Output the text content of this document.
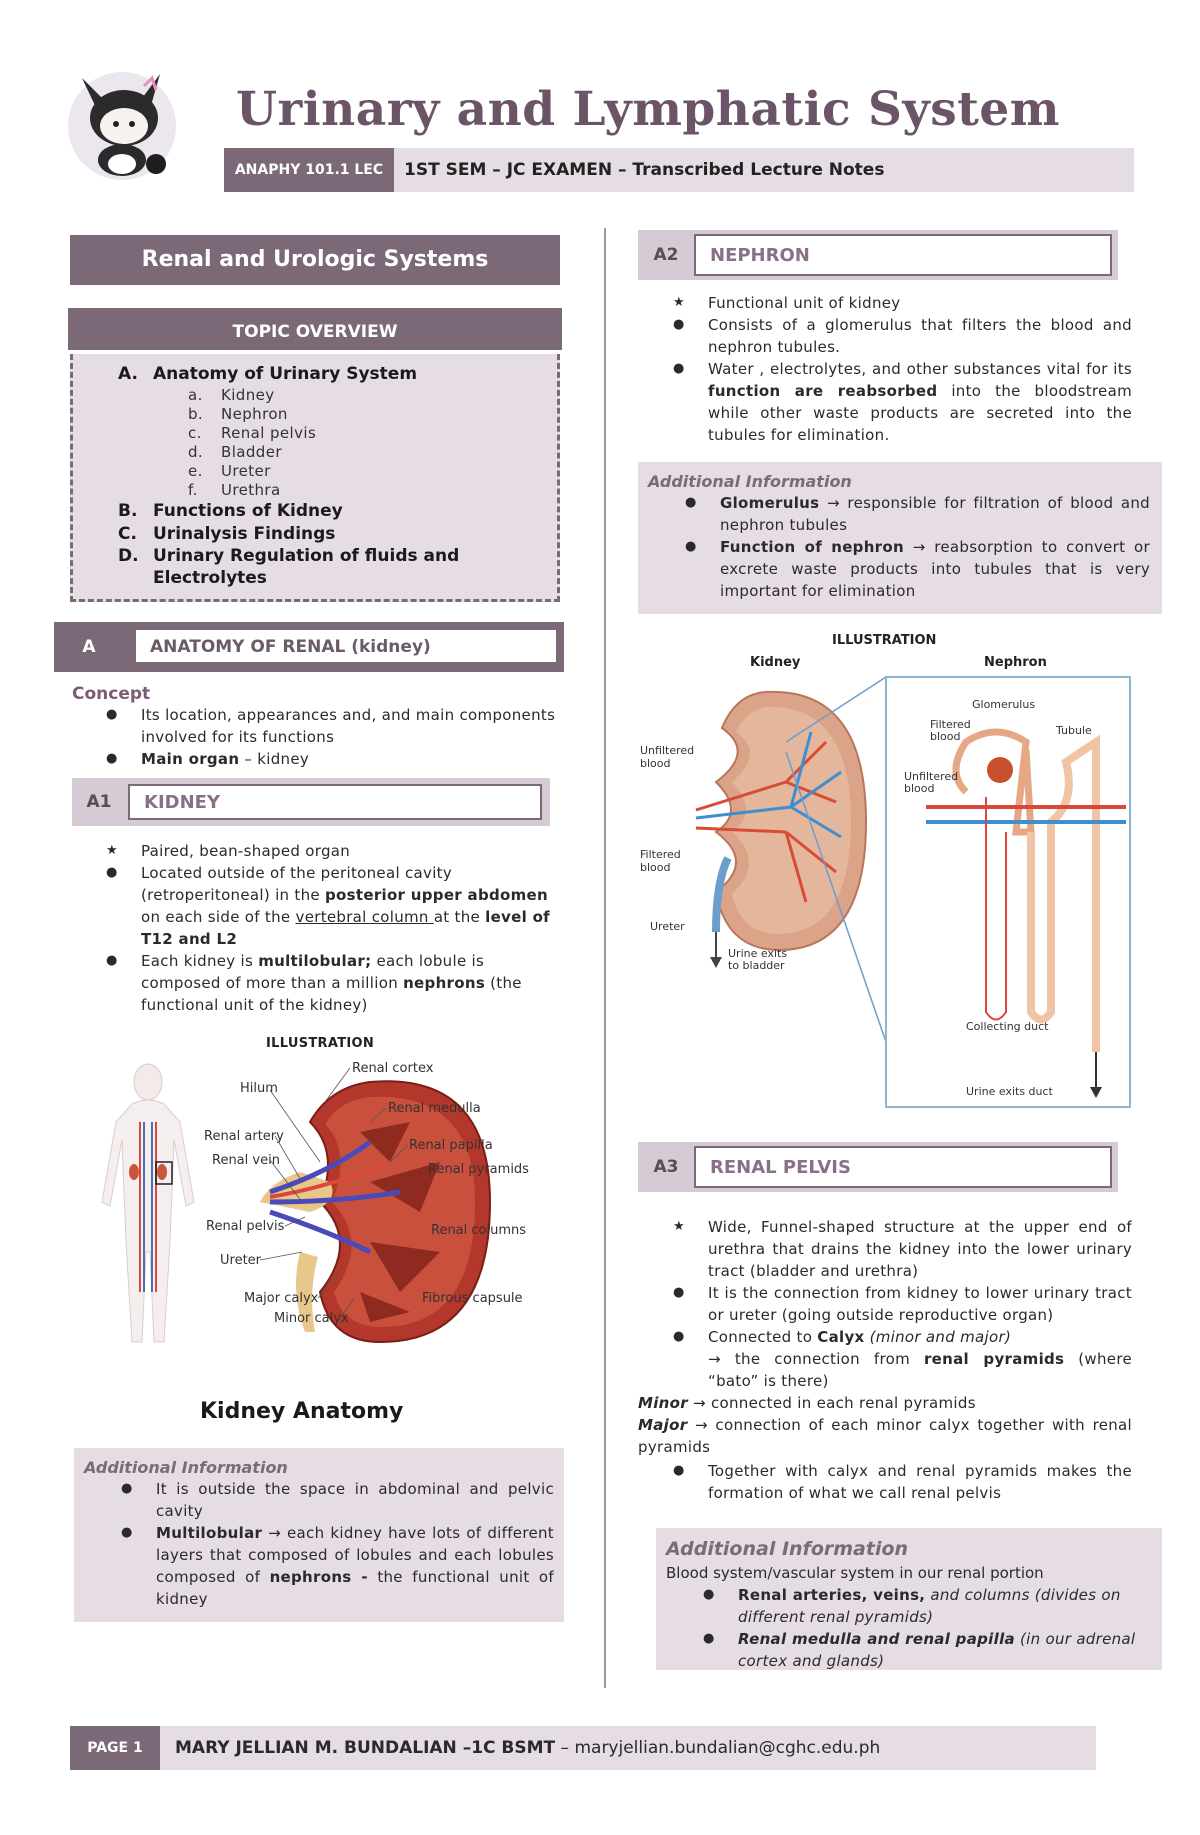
Urinary and Lymphatic System
ANAPHY 101.1 LEC	1ST SEM – JC EXAMEN – Transcribed Lecture Notes
Renal and Urologic Systems
TOPIC OVERVIEW
A. Anatomy of Urinary System
a. Kidney
b. Nephron
c. Renal pelvis
d. Bladder
e. Ureter
f. Urethra
B. Functions of Kidney
C. Urinalysis Findings
D. Urinary Regulation of fluids and
Electrolytes
A	ANATOMY OF RENAL (kidney)
Concept
● Its location, appearances and, and main components involved for its functions
● Main organ – kidney
A1	KIDNEY
★ Paired, bean-shaped organ
● Located outside of the peritoneal cavity (retroperitoneal) in the posterior upper abdomen on each side of the vertebral column at the level of T12 and L2
● Each kidney is multilobular; each lobule is composed of more than a million nephrons (the functional unit of the kidney)
ILLUSTRATION
Renal cortex
Hilum
Renal medulla
Renal papilla
Renal artery
Renal vein
Renal pyramids
Renal pelvis	Renal columns
Ureter
Major calyx
Minor calyx
Fibrous capsule
Kidney Anatomy
Additional Information
● It is outside the space in abdominal and pelvic cavity
● Multilobular → each kidney have lots of different layers that composed of lobules and each lobules composed of nephrons - the functional unit of kidney
A2	NEPHRON
★ Functional unit of kidney
● Consists of a glomerulus that filters the blood and nephron tubules.
● Water , electrolytes, and other substances vital for its function are reabsorbed into the bloodstream while other waste products are secreted into the tubules for elimination.
Additional Information
● Glomerulus → responsible for filtration of blood and nephron tubules
● Function of nephron → reabsorption to convert or excrete waste products into tubules that is very important for elimination
ILLUSTRATION
Kidney	Nephron
Unfiltered
blood
Filtered
blood
Ureter
Urine exits
to bladder
Glomerulus
Filtered
blood	Tubule
Unfiltered
blood
Collecting duct
Urine exits duct
A3	RENAL PELVIS
★ Wide, Funnel-shaped structure at the upper end of urethra that drains the kidney into the lower urinary tract (bladder and urethra)
● It is the connection from kidney to lower urinary tract or ureter (going outside reproductive organ)
● Connected to Calyx (minor and major)
→ the connection from renal pyramids (where “bato” is there)
Minor → connected in each renal pyramids
Major → connection of each minor calyx together with renal pyramids
● Together with calyx and renal pyramids makes the formation of what we call renal pelvis
Additional Information
Blood system/vascular system in our renal portion
● Renal arteries, veins, and columns (divides on different renal pyramids)
● Renal medulla and renal papilla (in our adrenal cortex and glands)
PAGE 1	MARY JELLIAN M. BUNDALIAN –1C BSMT – maryjellian.bundalian@cghc.edu.ph
